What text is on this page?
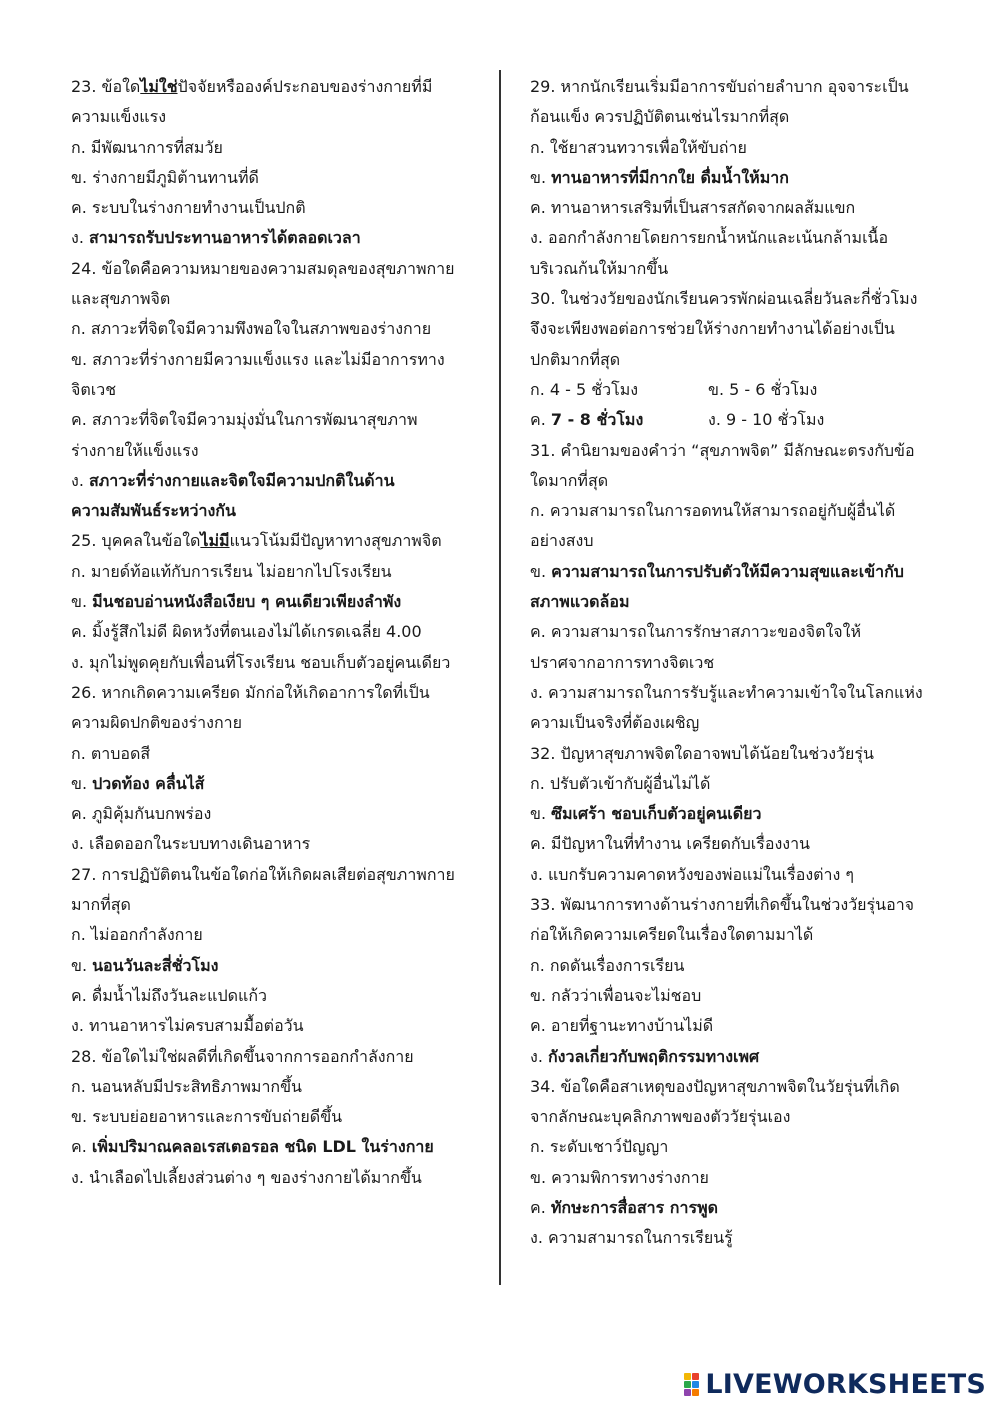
23. ข้อใดไม่ใช่ปัจจัยหรือองค์ประกอบของร่างกายที่มี
ความแข็งแรง
ก. มีพัฒนาการที่สมวัย
ข. ร่างกายมีภูมิต้านทานที่ดี
ค. ระบบในร่างกายทำงานเป็นปกติ
ง. สามารถรับประทานอาหารได้ตลอดเวลา
24. ข้อใดคือความหมายของความสมดุลของสุขภาพกาย
และสุขภาพจิต
ก. สภาวะที่จิตใจมีความพึงพอใจในสภาพของร่างกาย
ข. สภาวะที่ร่างกายมีความแข็งแรง และไม่มีอาการทาง
จิตเวช
ค. สภาวะที่จิตใจมีความมุ่งมั่นในการพัฒนาสุขภาพ
ร่างกายให้แข็งแรง
ง. สภาวะที่ร่างกายและจิตใจมีความปกติในด้าน
ความสัมพันธ์ระหว่างกัน
25. บุคคลในข้อใดไม่มีแนวโน้มมีปัญหาทางสุขภาพจิต
ก. มายด์ท้อแท้กับการเรียน ไม่อยากไปโรงเรียน
ข. มีนชอบอ่านหนังสือเงียบ ๆ คนเดียวเพียงลำพัง
ค. มิ้งรู้สึกไม่ดี ผิดหวังที่ตนเองไม่ได้เกรดเฉลี่ย 4.00
ง. มุกไม่พูดคุยกับเพื่อนที่โรงเรียน ชอบเก็บตัวอยู่คนเดียว
26. หากเกิดความเครียด มักก่อให้เกิดอาการใดที่เป็น
ความผิดปกติของร่างกาย
ก. ตาบอดสี
ข. ปวดท้อง คลื่นไส้
ค. ภูมิคุ้มกันบกพร่อง
ง. เลือดออกในระบบทางเดินอาหาร
27. การปฏิบัติตนในข้อใดก่อให้เกิดผลเสียต่อสุขภาพกาย
มากที่สุด
ก. ไม่ออกกำลังกาย
ข. นอนวันละสี่ชั่วโมง
ค. ดื่มน้ำไม่ถึงวันละแปดแก้ว
ง. ทานอาหารไม่ครบสามมื้อต่อวัน
28. ข้อใดไม่ใช่ผลดีที่เกิดขึ้นจากการออกกำลังกาย
ก. นอนหลับมีประสิทธิภาพมากขึ้น
ข. ระบบย่อยอาหารและการขับถ่ายดีขึ้น
ค. เพิ่มปริมาณคลอเรสเตอรอล ชนิด LDL ในร่างกาย
ง. นำเลือดไปเลี้ยงส่วนต่าง ๆ ของร่างกายได้มากขึ้น
29. หากนักเรียนเริ่มมีอาการขับถ่ายลำบาก อุจจาระเป็น
ก้อนแข็ง ควรปฏิบัติตนเช่นไรมากที่สุด
ก. ใช้ยาสวนทวารเพื่อให้ขับถ่าย
ข. ทานอาหารที่มีกากใย ดื่มน้ำให้มาก
ค. ทานอาหารเสริมที่เป็นสารสกัดจากผลส้มแขก
ง. ออกกำลังกายโดยการยกน้ำหนักและเน้นกล้ามเนื้อ
บริเวณก้นให้มากขึ้น
30. ในช่วงวัยของนักเรียนควรพักผ่อนเฉลี่ยวันละกี่ชั่วโมง
จึงจะเพียงพอต่อการช่วยให้ร่างกายทำงานได้อย่างเป็น
ปกติมากที่สุด
ก. 4 - 5 ชั่วโมง	ข. 5 - 6 ชั่วโมง
ค. 7 - 8 ชั่วโมง	ง. 9 - 10 ชั่วโมง
31. คำนิยามของคำว่า “สุขภาพจิต” มีลักษณะตรงกับข้อ
ใดมากที่สุด
ก. ความสามารถในการอดทนให้สามารถอยู่กับผู้อื่นได้
อย่างสงบ
ข. ความสามารถในการปรับตัวให้มีความสุขและเข้ากับ
สภาพแวดล้อม
ค. ความสามารถในการรักษาสภาวะของจิตใจให้
ปราศจากอาการทางจิตเวช
ง. ความสามารถในการรับรู้และทำความเข้าใจในโลกแห่ง
ความเป็นจริงที่ต้องเผชิญ
32. ปัญหาสุขภาพจิตใดอาจพบได้น้อยในช่วงวัยรุ่น
ก. ปรับตัวเข้ากับผู้อื่นไม่ได้
ข. ซึมเศร้า ชอบเก็บตัวอยู่คนเดียว
ค. มีปัญหาในที่ทำงาน เครียดกับเรื่องงาน
ง. แบกรับความคาดหวังของพ่อแม่ในเรื่องต่าง ๆ
33. พัฒนาการทางด้านร่างกายที่เกิดขึ้นในช่วงวัยรุ่นอาจ
ก่อให้เกิดความเครียดในเรื่องใดตามมาได้
ก. กดดันเรื่องการเรียน
ข. กลัวว่าเพื่อนจะไม่ชอบ
ค. อายที่ฐานะทางบ้านไม่ดี
ง. กังวลเกี่ยวกับพฤติกรรมทางเพศ
34. ข้อใดคือสาเหตุของปัญหาสุขภาพจิตในวัยรุ่นที่เกิด
จากลักษณะบุคลิกภาพของตัววัยรุ่นเอง
ก. ระดับเชาว์ปัญญา
ข. ความพิการทางร่างกาย
ค. ทักษะการสื่อสาร การพูด
ง. ความสามารถในการเรียนรู้
LIVEWORKSHEETS
